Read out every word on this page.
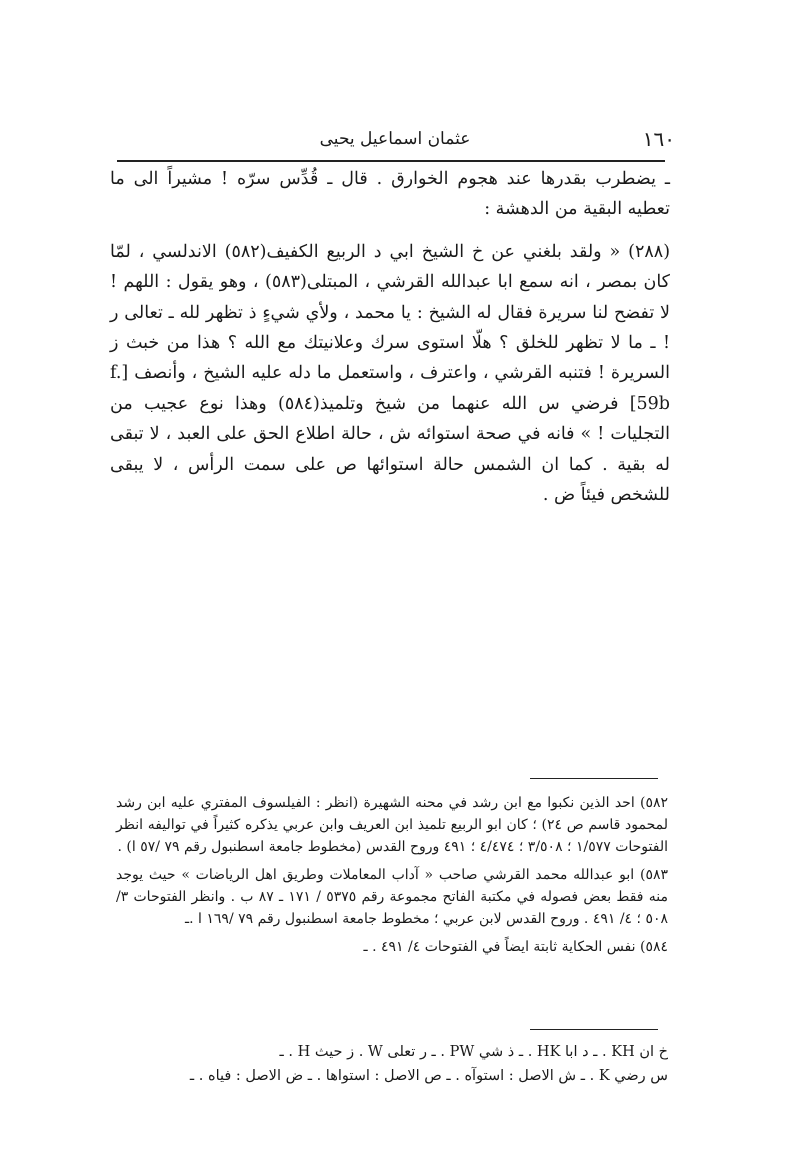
١٦٠
عثمان اسماعيل يحيى

ـ يضطرب بقدرها عند هجوم الخوارق . قال ـ قُدِّس سرّه ! مشيراً الى ما تعطيه البقية من الدهشة :

(٢٨٨) « ولقد بلغني عن خ الشيخ ابي د الربيع الكفيف(٥٨٢) الاندلسي ، لمّا كان بمصر ، انه سمع ابا عبدالله القرشي ، المبتلى(٥٨٣) ، وهو يقول : اللهم ! لا تفضح لنا سريرة فقال له الشيخ : يا محمد ، ولأي شيءٍ ذ تظهر لله ـ تعالى ر ! ـ ما لا تظهر للخلق ؟ هلّا استوى سرك وعلانيتك مع الله ؟ هذا من خبث ز السريرة ! فتنبه القرشي ، واعترف ، واستعمل ما دله عليه الشيخ ، وأنصف [f. 59b] فرضي س الله عنهما من شيخ وتلميذ(٥٨٤) وهذا نوع عجيب من التجليات ! » فانه في صحة استوائه ش ، حالة اطلاع الحق على العبد ، لا تبقى له بقية . كما ان الشمس حالة استوائها ص على سمت الرأس ، لا يبقى للشخص فيئاً ض .

٥٨٢) احد الذين نكبوا مع ابن رشد في محنه الشهيرة (انظر : الفيلسوف المفتري عليه ابن رشد لمحمود قاسم ص ٢٤) ؛ كان ابو الربيع تلميذ ابن العريف وابن عربي يذكره كثيراً في تواليفه انظر الفتوحات ١/٥٧٧ ؛ ٣/٥٠٨ ؛ ٤/٤٧٤ ؛ ٤٩١ وروح القدس (مخطوط جامعة اسطنبول رقم ٧٩ /٥٧ ا) .

٥٨٣) ابو عبدالله محمد القرشي صاحب « آداب المعاملات وطريق اهل الرياضات » حيث يوجد منه فقط بعض فصوله في مكتبة الفاتح مجموعة رقم ٥٣٧٥ / ١٧١ ـ ٨٧ ب . وانظر الفتوحات ٣/ ٥٠٨ ؛ ٤/ ٤٩١ . وروح القدس لابن عربي ؛ مخطوط جامعة اسطنبول رقم ٧٩ /١٦٩ ا .ـ

٥٨٤) نفس الحكاية ثابتة ايضاً في الفتوحات ٤/ ٤٩١ . ـ

خ ان KH . ـ د ابا HK . ـ ذ شي PW . ـ ر تعلى W . ز حيث H . ـ

س رضي K . ـ ش الاصل : استوآه . ـ ص الاصل : استواها . ـ ض الاصل : فياه . ـ
